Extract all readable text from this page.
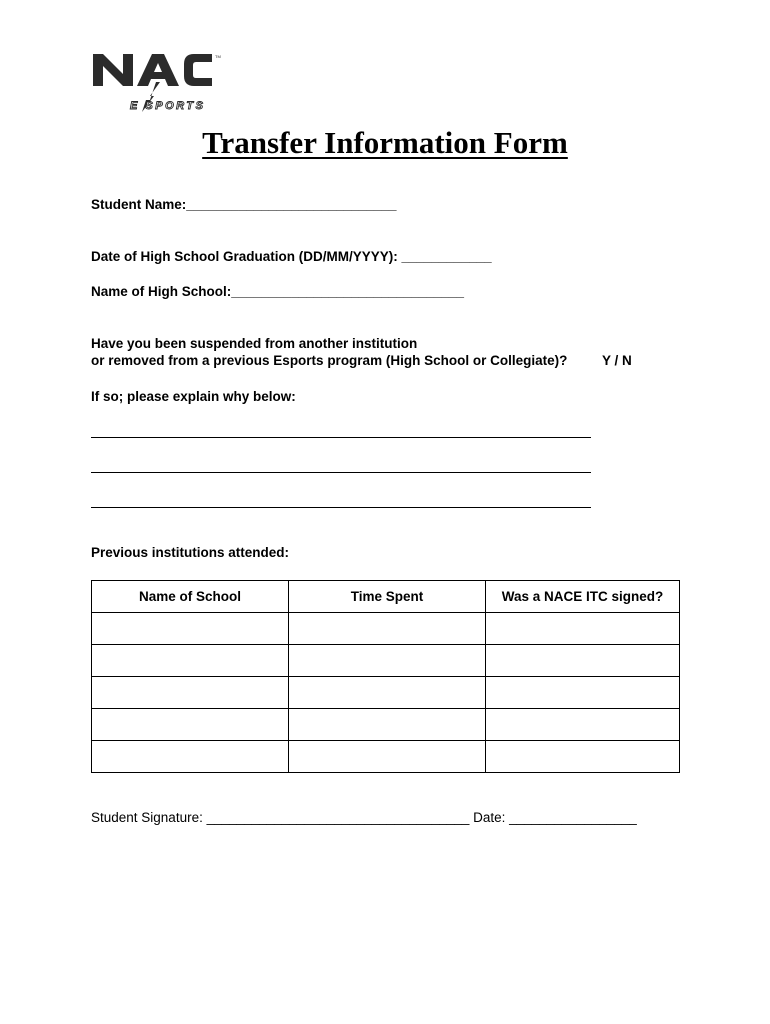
TM
E SPORTS
Transfer Information Form
Student Name:____________________________
Date of High School Graduation (DD/MM/YYYY): ____________
Name of High School:_______________________________
Have you been suspended from another institution
or removed from a previous Esports program (High School or Collegiate)?	Y / N
If so; please explain why below:
Previous institutions attended:
Name of School	Time Spent	Was a NACE ITC signed?

Student Signature: ___________________________________ Date: _________________
